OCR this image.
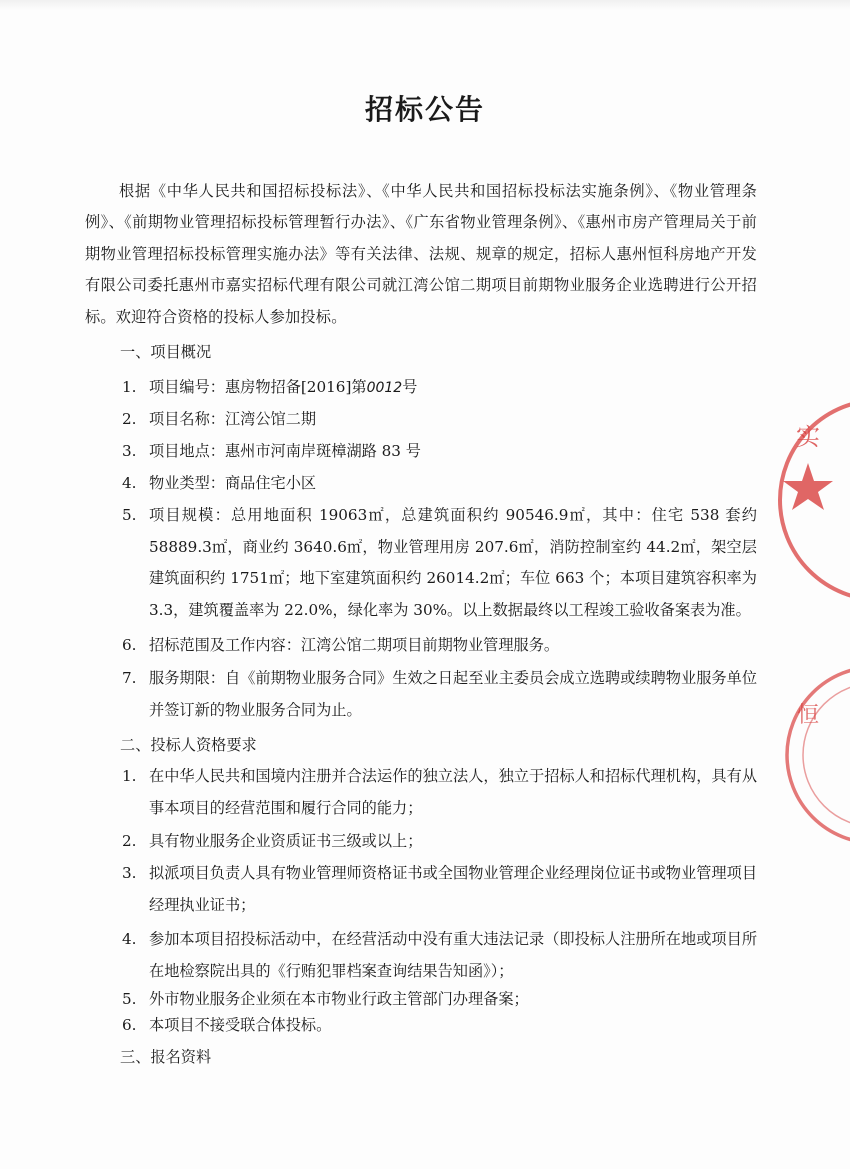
招标公告
根据《中华人民共和国招标投标法》、《中华人民共和国招标投标法实施条例》、《物业管理条例》、《前期物业管理招标投标管理暂行办法》、《广东省物业管理条例》、《惠州市房产管理局关于前期物业管理招标投标管理实施办法》等有关法律、法规、规章的规定，招标人惠州恒科房地产开发有限公司委托惠州市嘉实招标代理有限公司就江湾公馆二期项目前期物业服务企业选聘进行公开招标。欢迎符合资格的投标人参加投标。
一、项目概况
1. 项目编号：惠房物招备[2016]第0012号
2. 项目名称：江湾公馆二期
3. 项目地点：惠州市河南岸斑樟湖路 83 号
4. 物业类型：商品住宅小区
5. 项目规模：总用地面积 19063㎡，总建筑面积约 90546.9㎡，其中：住宅 538 套约 58889.3㎡，商业约 3640.6㎡，物业管理用房 207.6㎡，消防控制室约 44.2㎡，架空层建筑面积约 1751㎡；地下室建筑面积约 26014.2㎡；车位 663 个；本项目建筑容积率为 3.3，建筑覆盖率为 22.0%，绿化率为 30%。以上数据最终以工程竣工验收备案表为准。
6. 招标范围及工作内容：江湾公馆二期项目前期物业管理服务。
7. 服务期限：自《前期物业服务合同》生效之日起至业主委员会成立选聘或续聘物业服务单位并签订新的物业服务合同为止。
二、投标人资格要求
1. 在中华人民共和国境内注册并合法运作的独立法人，独立于招标人和招标代理机构，具有从事本项目的经营范围和履行合同的能力；
2. 具有物业服务企业资质证书三级或以上；
3. 拟派项目负责人具有物业管理师资格证书或全国物业管理企业经理岗位证书或物业管理项目经理执业证书；
4. 参加本项目招投标活动中，在经营活动中没有重大违法记录（即投标人注册所在地或项目所在地检察院出具的《行贿犯罪档案查询结果告知函》）；
5. 外市物业服务企业须在本市物业行政主管部门办理备案；
6. 本项目不接受联合体投标。
三、报名资料
实
恒
